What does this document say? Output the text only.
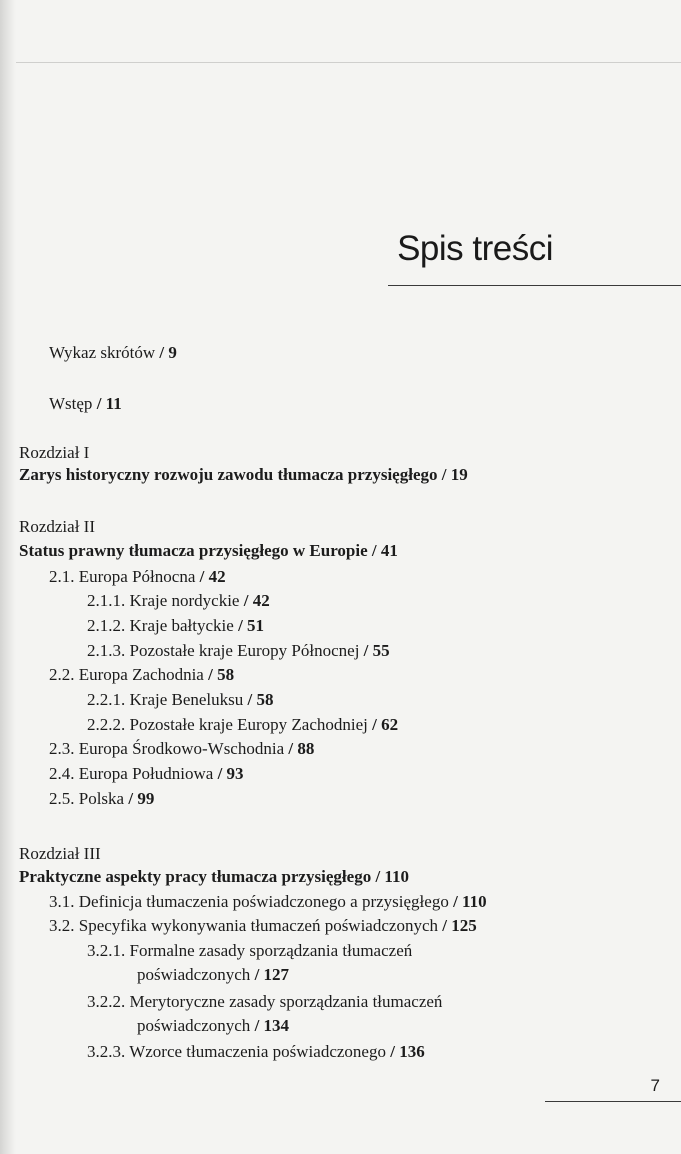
Spis treści
Wykaz skrótów / 9
Wstęp / 11
Rozdział I
Zarys historyczny rozwoju zawodu tłumacza przysięgłego / 19
Rozdział II
Status prawny tłumacza przysięgłego w Europie / 41
2.1. Europa Północna / 42
2.1.1. Kraje nordyckie / 42
2.1.2. Kraje bałtyckie / 51
2.1.3. Pozostałe kraje Europy Północnej / 55
2.2. Europa Zachodnia / 58
2.2.1. Kraje Beneluksu / 58
2.2.2. Pozostałe kraje Europy Zachodniej / 62
2.3. Europa Środkowo-Wschodnia / 88
2.4. Europa Południowa / 93
2.5. Polska / 99
Rozdział III
Praktyczne aspekty pracy tłumacza przysięgłego / 110
3.1. Definicja tłumaczenia poświadczonego a przysięgłego / 110
3.2. Specyfika wykonywania tłumaczeń poświadczonych / 125
3.2.1. Formalne zasady sporządzania tłumaczeń
poświadczonych / 127
3.2.2. Merytoryczne zasady sporządzania tłumaczeń
poświadczonych / 134
3.2.3. Wzorce tłumaczenia poświadczonego / 136
7
